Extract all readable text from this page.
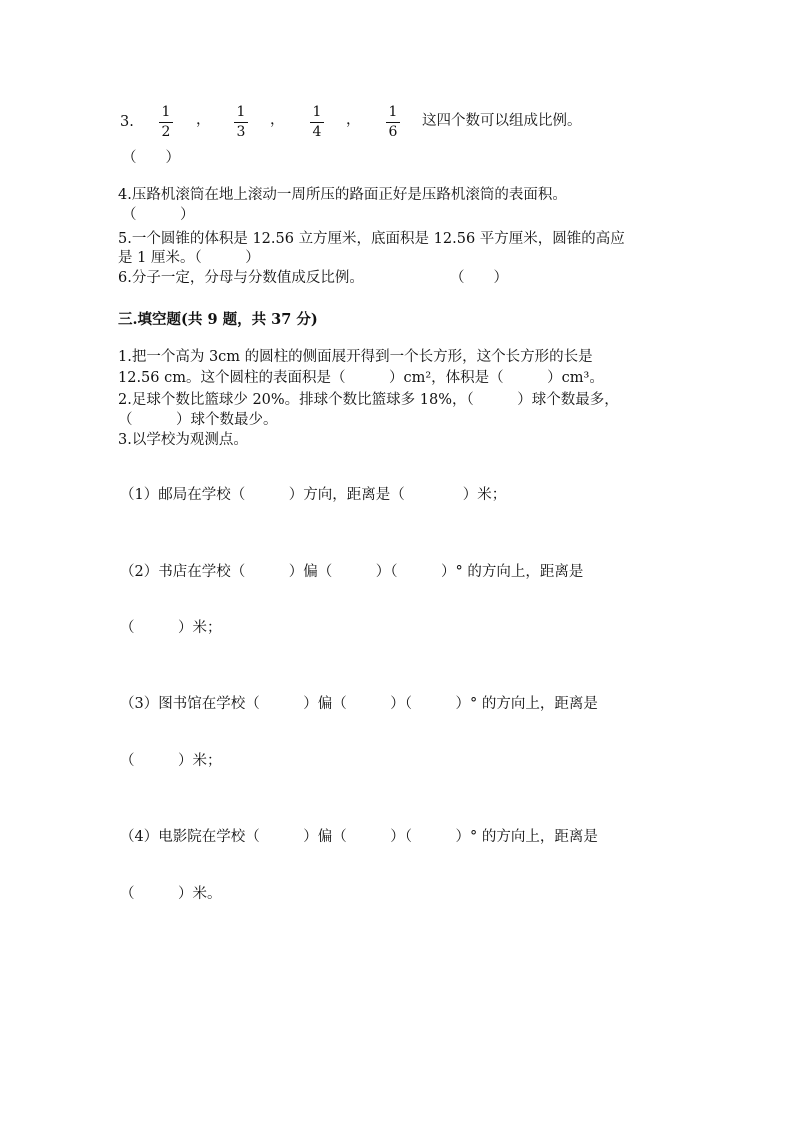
3.
1
2
，	1
3
，	1
4
，	1
6
这四个数可以组成比例。
（　　）
4.压路机滚筒在地上滚动一周所压的路面正好是压路机滚筒的表面积。
（　　　）
5.一个圆锥的体积是 12.56 立方厘米，底面积是 12.56 平方厘米，圆锥的高应
是 1 厘米。（　　　）
6.分子一定，分母与分数值成反比例。	（　　）
三.填空题(共 9 题，共 37 分)
1.把一个高为 3cm 的圆柱的侧面展开得到一个长方形，这个长方形的长是
12.56 cm。这个圆柱的表面积是（　　　）cm²，体积是（　　　）cm³。
2.足球个数比篮球少 20%。排球个数比篮球多 18%，（　　　）球个数最多，
（　　　）球个数最少。
3.以学校为观测点。
（1）邮局在学校（　　　）方向，距离是（　　　　）米；
（2）书店在学校（　　　）偏（　　　）（　　　）° 的方向上，距离是
（　　　）米；
（3）图书馆在学校（　　　）偏（　　　）（　　　）° 的方向上，距离是
（　　　）米；
（4）电影院在学校（　　　）偏（　　　）（　　　）° 的方向上，距离是
（　　　）米。
